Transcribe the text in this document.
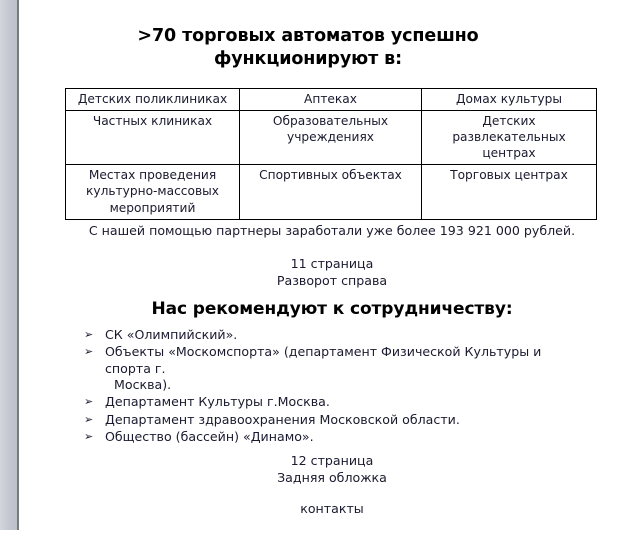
>70 торговых автоматов успешно функционируют в:
Детских поликлиниках	Аптеках	Домах культуры
Частных клиниках	Образовательных учреждениях	Детских развлекательных центрах
Местах проведения культурно-массовых мероприятий	Спортивных объектах	Торговых центрах
С нашей помощью партнеры заработали уже более 193 921 000 рублей.
11 страница
Разворот справа
Нас рекомендуют к сотрудничеству:
➢ СК «Олимпийский».
➢ Объекты «Москомспорта» (департамент Физической Культуры и спорта г.
Москва).
➢ Департамент Культуры г.Москва.
➢ Департамент здравоохранения Московской области.
➢ Общество (бассейн) «Динамо».
12 страница
Задняя обложка
контакты
